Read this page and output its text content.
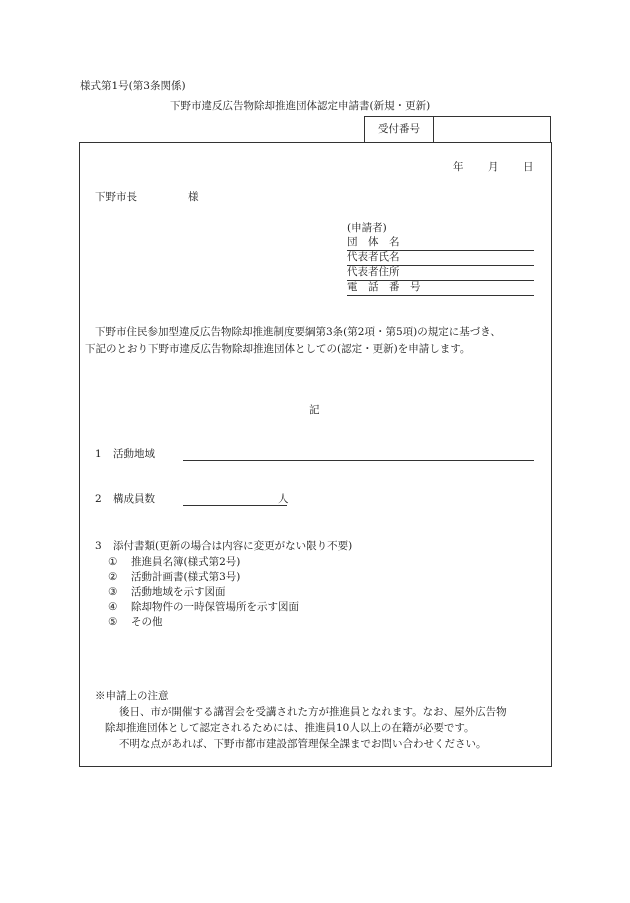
様式第1号(第3条関係)
下野市違反広告物除却推進団体認定申請書(新規・更新)
受付番号
年 月 日
下野市長	様
(申請者)
団　体　名
代表者氏名
代表者住所
電　話　番　号
下野市住民参加型違反広告物除却推進制度要綱第3条(第2項・第5項)の規定に基づき、
下記のとおり下野市違反広告物除却推進団体としての(認定・更新)を申請します。
記
1 活動地域
2 構成員数	人
3 添付書類(更新の場合は内容に変更がない限り不要)
① 推進員名簿(様式第2号)
② 活動計画書(様式第3号)
③ 活動地域を示す図面
④ 除却物件の一時保管場所を示す図面
⑤ その他
※申請上の注意
後日、市が開催する講習会を受講された方が推進員となれます。なお、屋外広告物
除却推進団体として認定されるためには、推進員10人以上の在籍が必要です。
不明な点があれば、下野市都市建設部管理保全課までお問い合わせください。
